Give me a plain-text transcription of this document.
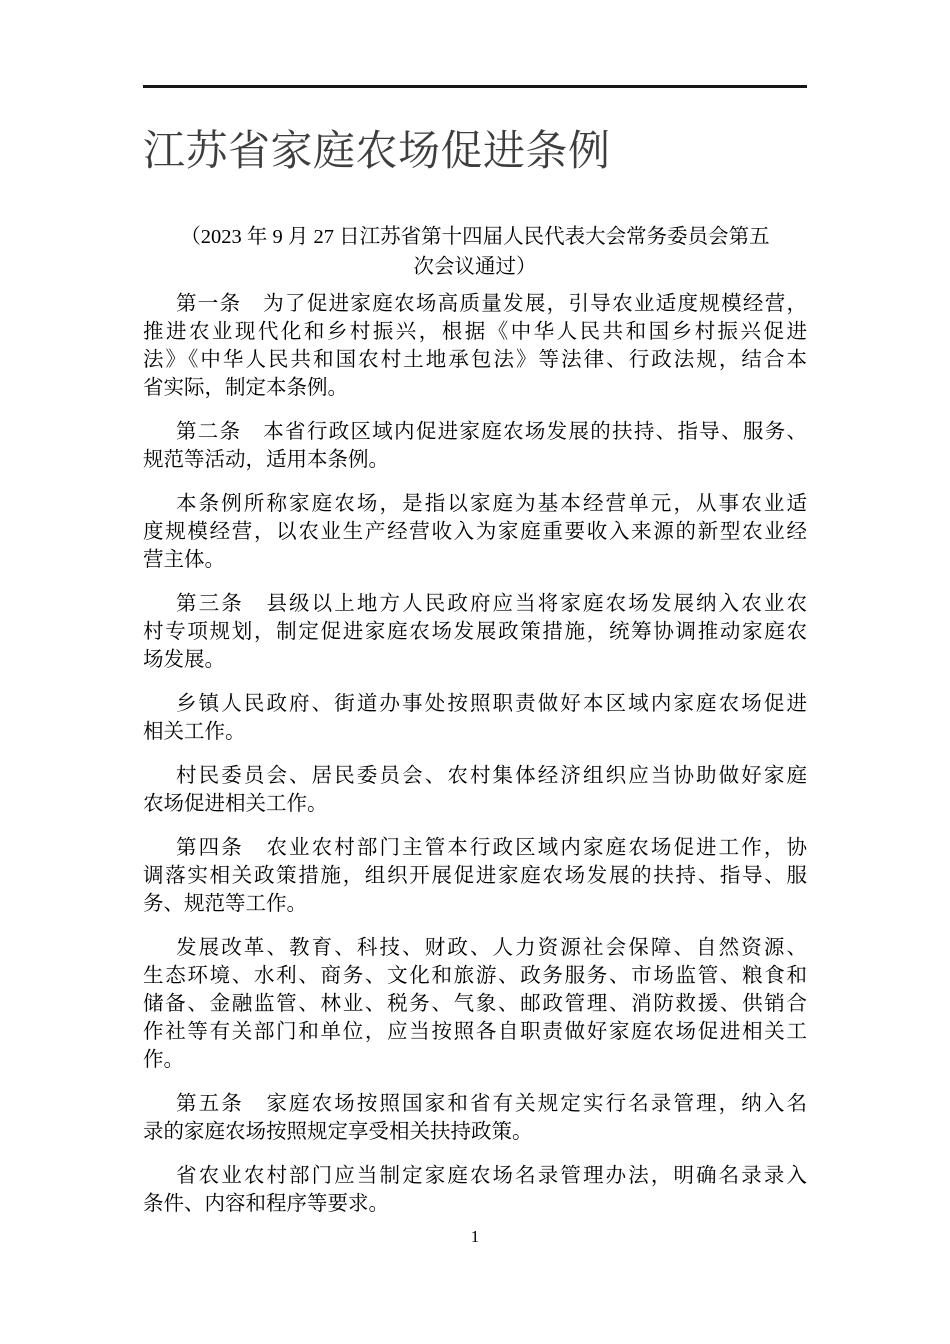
江苏省家庭农场促进条例
（2023 年 9 月 27 日江苏省第十四届人民代表大会常务委员会第五
次会议通过）
第一条　为了促进家庭农场高质量发展，引导农业适度规模经营，
推进农业现代化和乡村振兴，根据《中华人民共和国乡村振兴促进
法》《中华人民共和国农村土地承包法》等法律、行政法规，结合本
省实际，制定本条例。
第二条　本省行政区域内促进家庭农场发展的扶持、指导、服务、
规范等活动，适用本条例。
本条例所称家庭农场，是指以家庭为基本经营单元，从事农业适
度规模经营，以农业生产经营收入为家庭重要收入来源的新型农业经
营主体。
第三条　县级以上地方人民政府应当将家庭农场发展纳入农业农
村专项规划，制定促进家庭农场发展政策措施，统筹协调推动家庭农
场发展。
乡镇人民政府、街道办事处按照职责做好本区域内家庭农场促进
相关工作。
村民委员会、居民委员会、农村集体经济组织应当协助做好家庭
农场促进相关工作。
第四条　农业农村部门主管本行政区域内家庭农场促进工作，协
调落实相关政策措施，组织开展促进家庭农场发展的扶持、指导、服
务、规范等工作。
发展改革、教育、科技、财政、人力资源社会保障、自然资源、
生态环境、水利、商务、文化和旅游、政务服务、市场监管、粮食和
储备、金融监管、林业、税务、气象、邮政管理、消防救援、供销合
作社等有关部门和单位，应当按照各自职责做好家庭农场促进相关工
作。
第五条　家庭农场按照国家和省有关规定实行名录管理，纳入名
录的家庭农场按照规定享受相关扶持政策。
省农业农村部门应当制定家庭农场名录管理办法，明确名录录入
条件、内容和程序等要求。
1
